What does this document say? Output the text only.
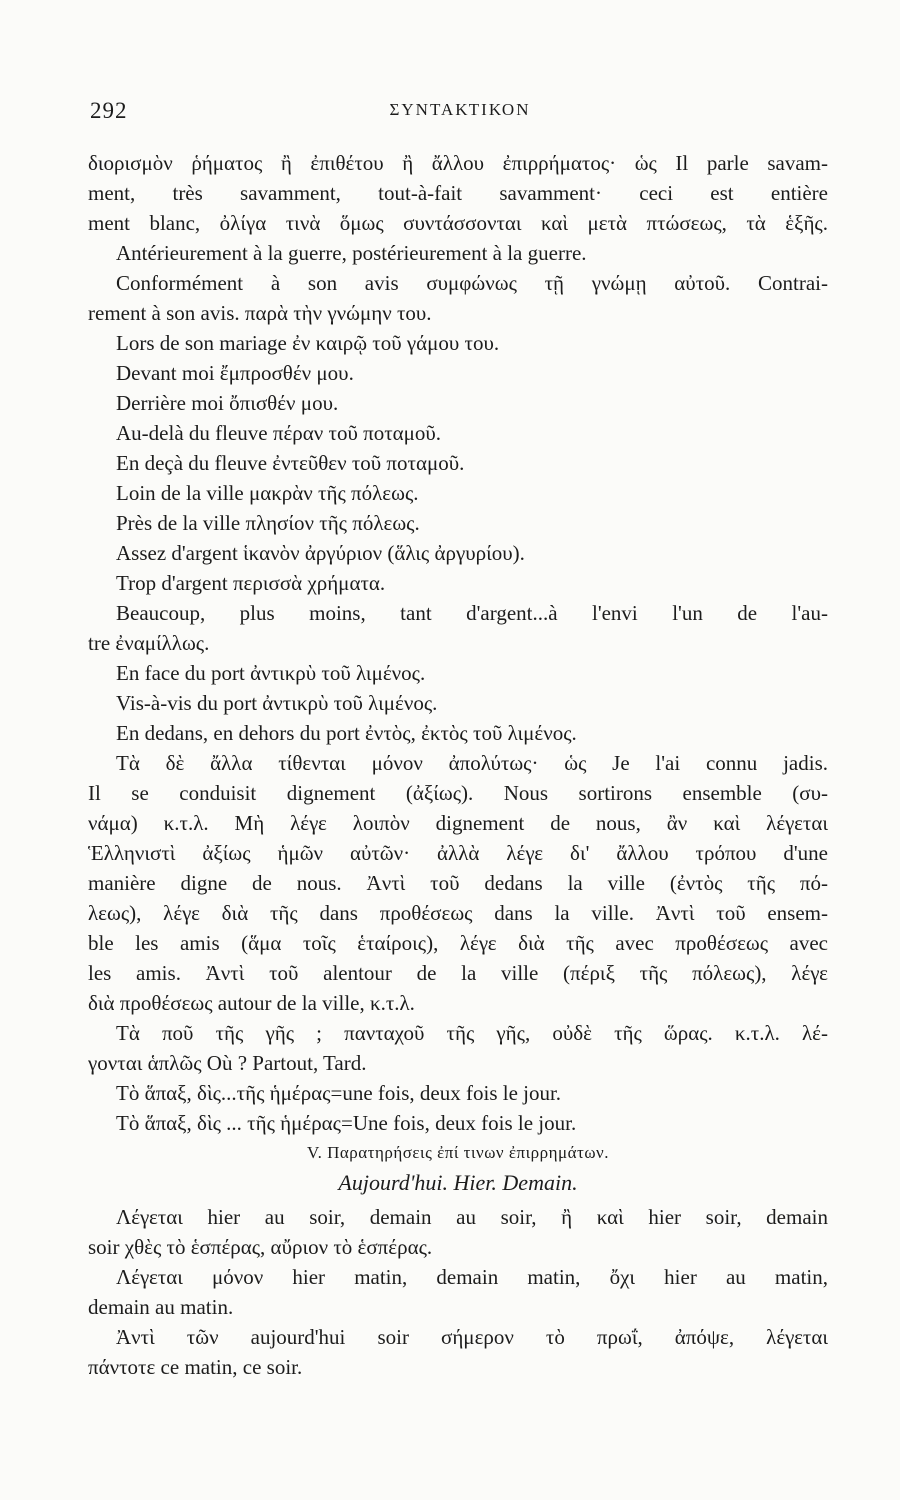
292	ΣΥΝΤΑΚΤΙΚΟΝ
διορισμὸν ῥήματος ἢ ἐπιθέτου ἢ ἄλλου ἐπιρρήματος· ὡς Il parle savam-
ment, très savamment, tout-à-fait savamment· ceci est entière
ment blanc, ὀλίγα τινὰ ὅμως συντάσσονται καὶ μετὰ πτώσεως, τὰ ἑξῆς.
Antérieurement à la guerre, postérieurement à la guerre.
Conformément à son avis συμφώνως τῇ γνώμῃ αὐτοῦ. Contrai-
rement à son avis. παρὰ τὴν γνώμην του.
Lors de son mariage ἐν καιρῷ τοῦ γάμου του.
Devant moi ἔμπροσθέν μου.
Derrière moi ὄπισθέν μου.
Au-delà du fleuve πέραν τοῦ ποταμοῦ.
En deçà du fleuve ἐντεῦθεν τοῦ ποταμοῦ.
Loin de la ville μακρὰν τῆς πόλεως.
Près de la ville πλησίον τῆς πόλεως.
Assez d'argent ἱκανὸν ἀργύριον (ἅλις ἀργυρίου).
Trop d'argent περισσὰ χρήματα.
Beaucoup, plus moins, tant d'argent...à l'envi l'un de l'au-
tre ἐναμίλλως.
En face du port ἀντικρὺ τοῦ λιμένος.
Vis-à-vis du port ἀντικρὺ τοῦ λιμένος.
En dedans, en dehors du port ἐντὸς, ἐκτὸς τοῦ λιμένος.
Τὰ δὲ ἄλλα τίθενται μόνον ἀπολύτως· ὡς Je l'ai connu jadis.
Il se conduisit dignement (ἀξίως). Nous sortirons ensemble (συ-
νάμα) κ.τ.λ. Μὴ λέγε λοιπὸν dignement de nous, ἂν καὶ λέγεται
Ἑλληνιστὶ ἀξίως ἡμῶν αὐτῶν· ἀλλὰ λέγε δι' ἄλλου τρόπου d'une
manière digne de nous. Ἀντὶ τοῦ dedans la ville (ἐντὸς τῆς πό-
λεως), λέγε διὰ τῆς dans προθέσεως dans la ville. Ἀντὶ τοῦ ensem-
ble les amis (ἅμα τοῖς ἑταίροις), λέγε διὰ τῆς avec προθέσεως avec
les amis. Ἀντὶ τοῦ alentour de la ville (πέριξ τῆς πόλεως), λέγε
διὰ προθέσεως autour de la ville, κ.τ.λ.
Τὰ ποῦ τῆς γῆς ; πανταχοῦ τῆς γῆς, οὐδὲ τῆς ὥρας. κ.τ.λ. λέ-
γονται ἁπλῶς Où ? Partout, Tard.
Τὸ ἅπαξ, δὶς...τῆς ἡμέρας=une fois, deux fois le jour.
Τὸ ἅπαξ, δὶς ... τῆς ἡμέρας=Une fois, deux fois le jour.
V. Παρατηρήσεις ἐπί τινων ἐπιρρημάτων.
Aujourd'hui. Hier. Demain.
Λέγεται hier au soir, demain au soir, ἢ καὶ hier soir, demain
soir χθὲς τὸ ἑσπέρας, αὔριον τὸ ἑσπέρας.
Λέγεται μόνον hier matin, demain matin, ὄχι hier au matin,
demain au matin.
Ἀντὶ τῶν aujourd'hui soir σήμερον τὸ πρωΐ, ἀπόψε, λέγεται
πάντοτε ce matin, ce soir.
